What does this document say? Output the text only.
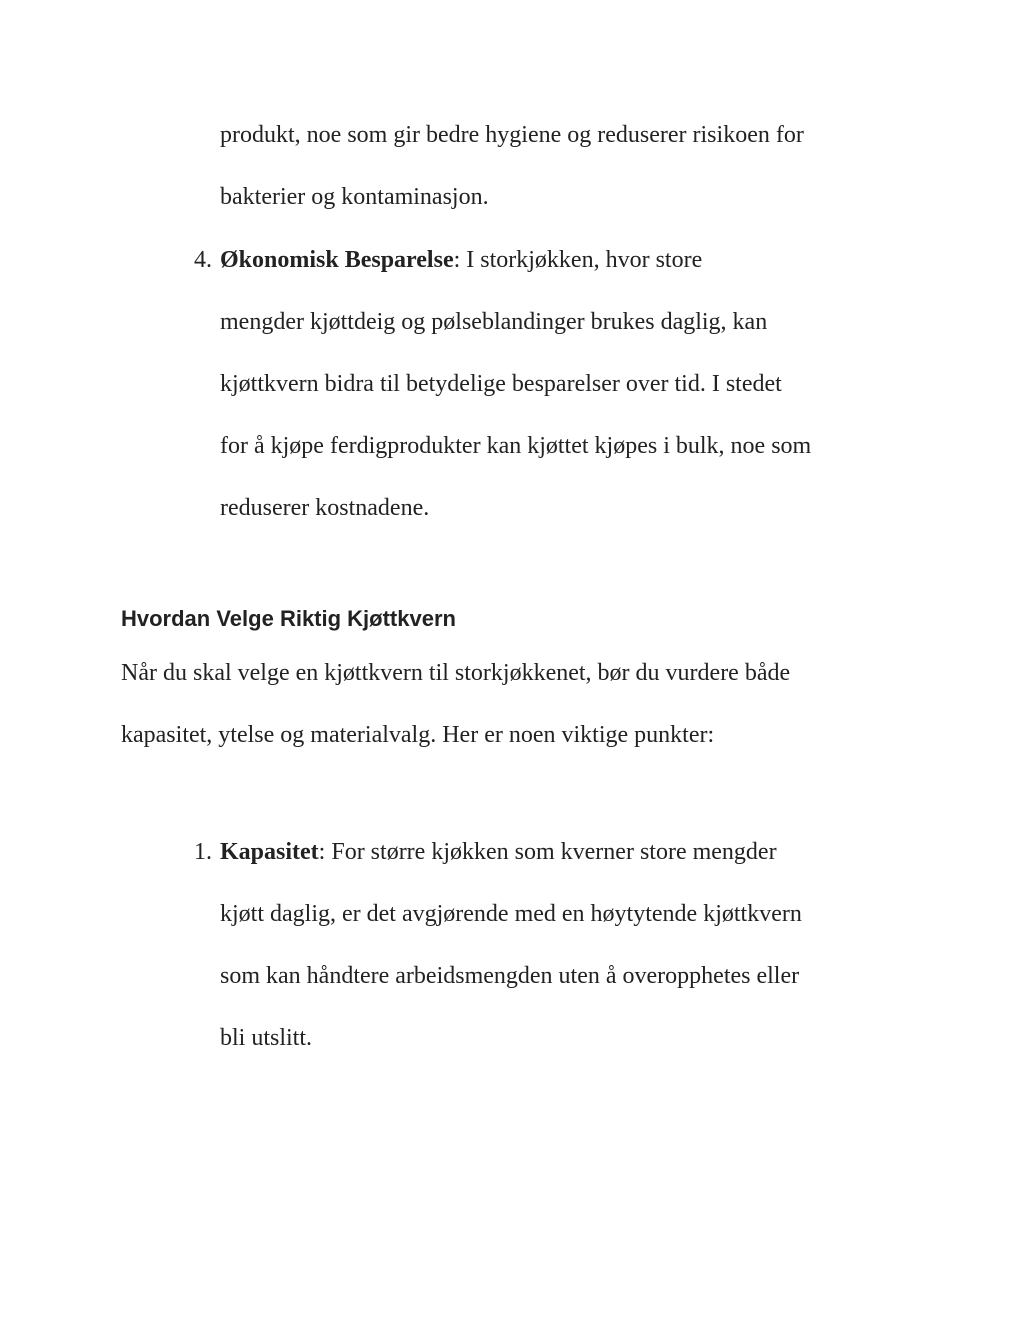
produkt, noe som gir bedre hygiene og reduserer risikoen for

bakterier og kontaminasjon.

4. Økonomisk Besparelse: I storkjøkken, hvor store

mengder kjøttdeig og pølseblandinger brukes daglig, kan

kjøttkvern bidra til betydelige besparelser over tid. I stedet

for å kjøpe ferdigprodukter kan kjøttet kjøpes i bulk, noe som

reduserer kostnadene.

Hvordan Velge Riktig Kjøttkvern

Når du skal velge en kjøttkvern til storkjøkkenet, bør du vurdere både

kapasitet, ytelse og materialvalg. Her er noen viktige punkter:

1. Kapasitet: For større kjøkken som kverner store mengder

kjøtt daglig, er det avgjørende med en høytytende kjøttkvern

som kan håndtere arbeidsmengden uten å overopphetes eller

bli utslitt.
